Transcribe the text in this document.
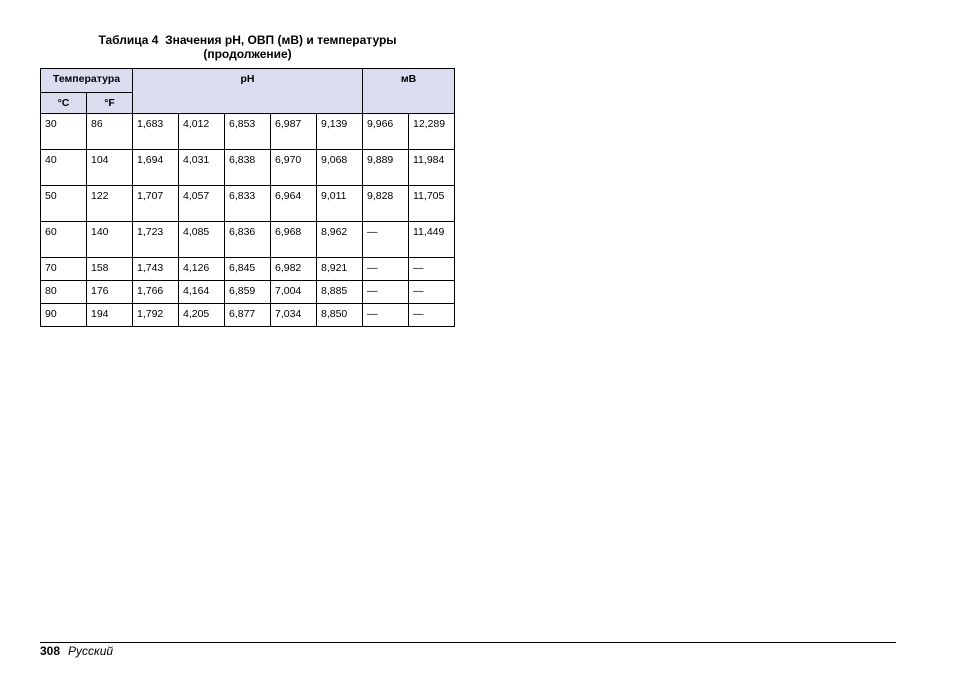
Таблица 4  Значения pH, ОВП (мВ) и температуры
(продолжение)
Температура		pH					мВ	
°C	°F							
30	86	1,683	4,012	6,853	6,987	9,139	9,966	12,289
40	104	1,694	4,031	6,838	6,970	9,068	9,889	11,984
50	122	1,707	4,057	6,833	6,964	9,011	9,828	11,705
60	140	1,723	4,085	6,836	6,968	8,962	—	11,449
70	158	1,743	4,126	6,845	6,982	8,921	—	—
80	176	1,766	4,164	6,859	7,004	8,885	—	—
90	194	1,792	4,205	6,877	7,034	8,850	—	—
308 Русский
